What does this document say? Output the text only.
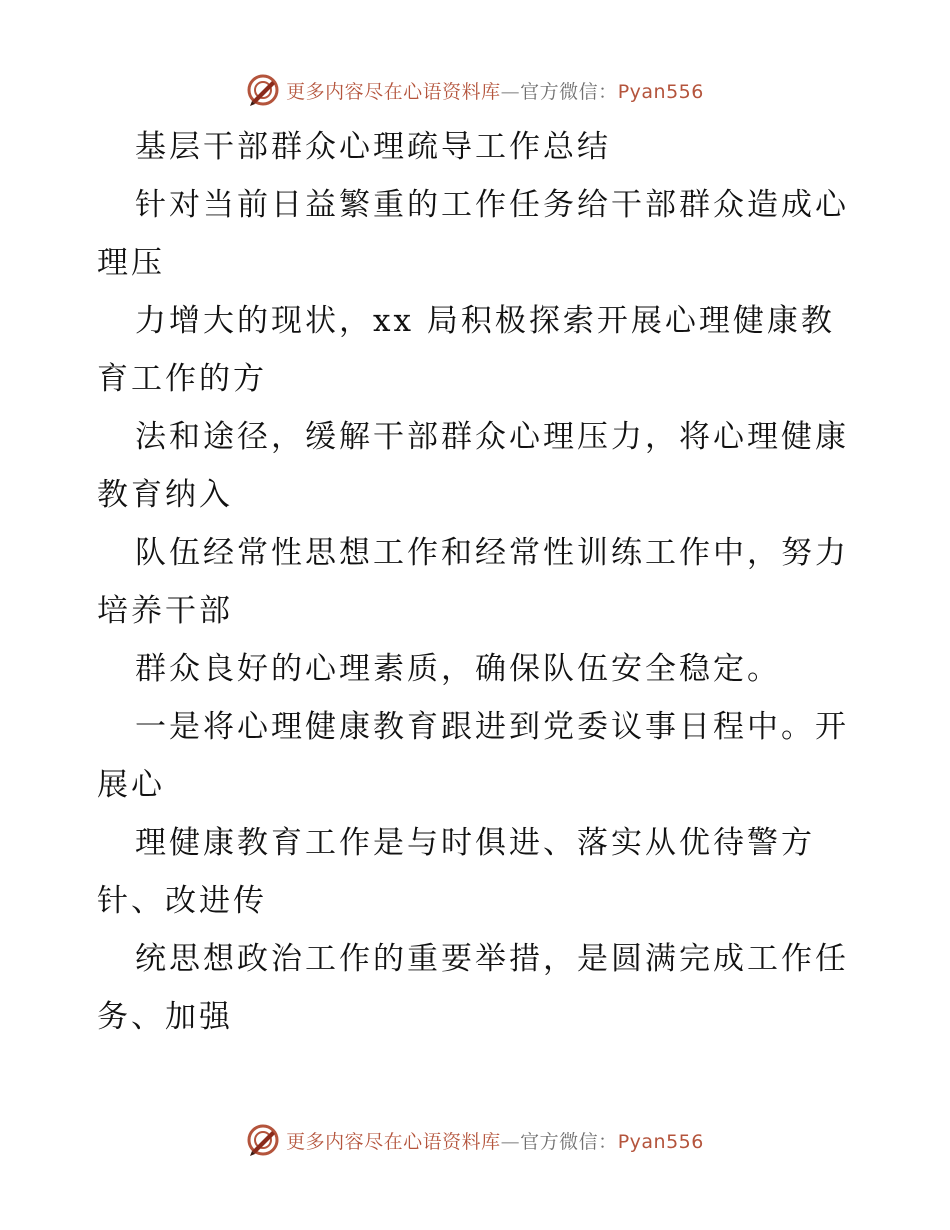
更多内容尽在心语资料库—官方微信：Pyan556
基层干部群众心理疏导工作总结
针对当前日益繁重的工作任务给干部群众造成心
理压
力增大的现状，xx 局积极探索开展心理健康教
育工作的方
法和途径，缓解干部群众心理压力，将心理健康
教育纳入
队伍经常性思想工作和经常性训练工作中，努力
培养干部
群众良好的心理素质，确保队伍安全稳定。
一是将心理健康教育跟进到党委议事日程中。开
展心
理健康教育工作是与时俱进、落实从优待警方
针、改进传
统思想政治工作的重要举措，是圆满完成工作任
务、加强
更多内容尽在心语资料库—官方微信：Pyan556
